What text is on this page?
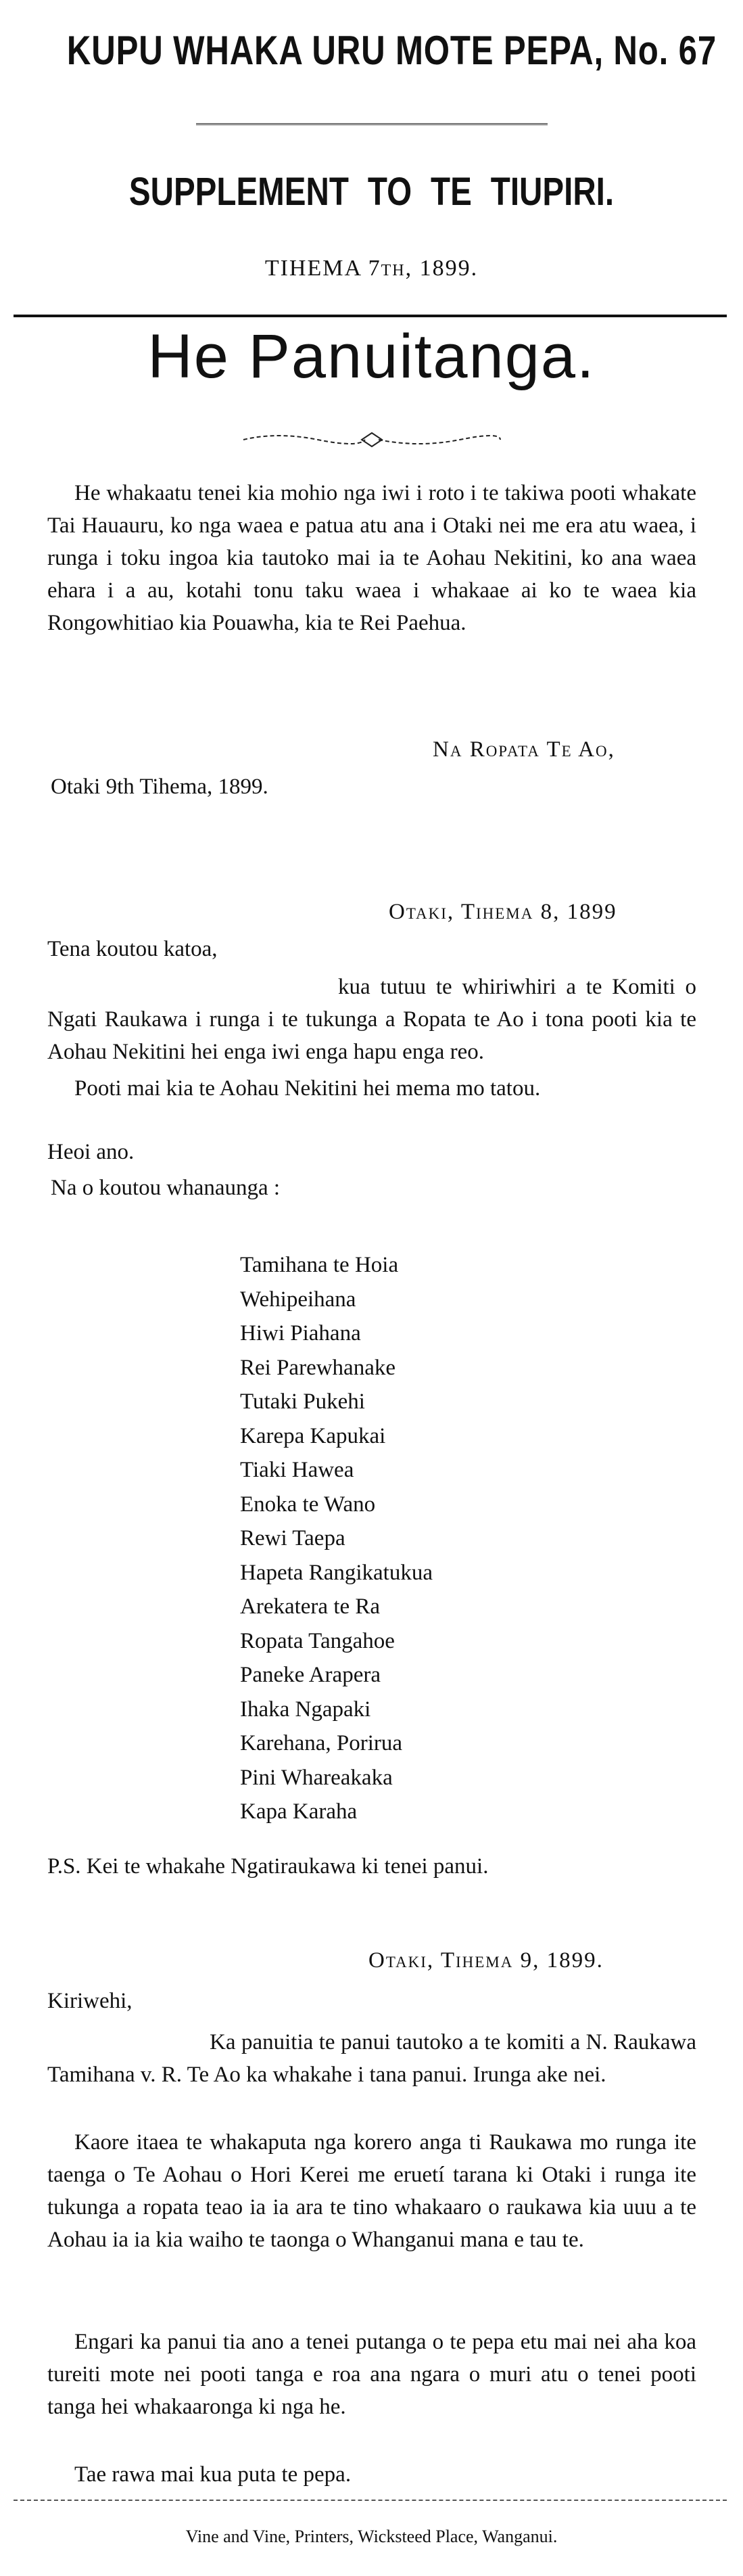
KUPU WHAKA URU MOTE PEPA, No. 67
SUPPLEMENT TO TE TIUPIRI.
TIHEMA 7th, 1899.
He Panuitanga.

He whakaatu tenei kia mohio nga iwi i roto i te takiwa pooti whakate Tai Hauauru, ko nga waea e patua atu ana i Otaki nei me era atu waea, i runga i toku ingoa kia tautoko mai ia te Aohau Nekitini, ko ana waea ehara i a au, kotahi tonu taku waea i whakaae ai ko te waea kia Rongowhitiao kia Pouawha, kia te Rei Paehua.

Na Ropata Te Ao,
Otaki 9th Tihema, 1899.
Otaki, Tihema 8, 1899
Tena koutou katoa,

kua tutuu te whiriwhiri a te Komiti o Ngati Raukawa i runga i te tukunga a Ropata te Ao i tona pooti kia te Aohau Nekitini hei enga iwi enga hapu enga reo.

Pooti mai kia te Aohau Nekitini hei mema mo tatou.

Heoi ano.
Na o koutou whanaunga :
Tamihana te Hoia
Wehipeihana
Hiwi Piahana
Rei Parewhanake
Tutaki Pukehi
Karepa Kapukai
Tiaki Hawea
Enoka te Wano
Rewi Taepa
Hapeta Rangikatukua
Arekatera te Ra
Ropata Tangahoe
Paneke Arapera
Ihaka Ngapaki
Karehana, Porirua
Pini Whareakaka
Kapa Karaha

P.S. Kei te whakahe Ngatiraukawa ki tenei panui.

Otaki, Tihema 9, 1899.
Kiriwehi,

Ka panuitia te panui tautoko a te komiti a N. Raukawa Tamihana v. R. Te Ao ka whakahe i tana panui. Irunga ake nei.

Kaore itaea te whakaputa nga korero anga ti Raukawa mo runga ite taenga o Te Aohau o Hori Kerei me eruetí tarana ki Otaki i runga ite tukunga a ropata teao ia ia ara te tino whakaaro o raukawa kia uuu a te Aohau ia ia kia waiho te taonga o Whanganui mana e tau te.

Engari ka panui tia ano a tenei putanga o te pepa etu mai nei aha koa tureiti mote nei pooti tanga e roa ana ngara o muri atu o tenei pooti tanga hei whakaaronga ki nga he.

Tae rawa mai kua puta te pepa.
Vine and Vine, Printers, Wicksteed Place, Wanganui.
